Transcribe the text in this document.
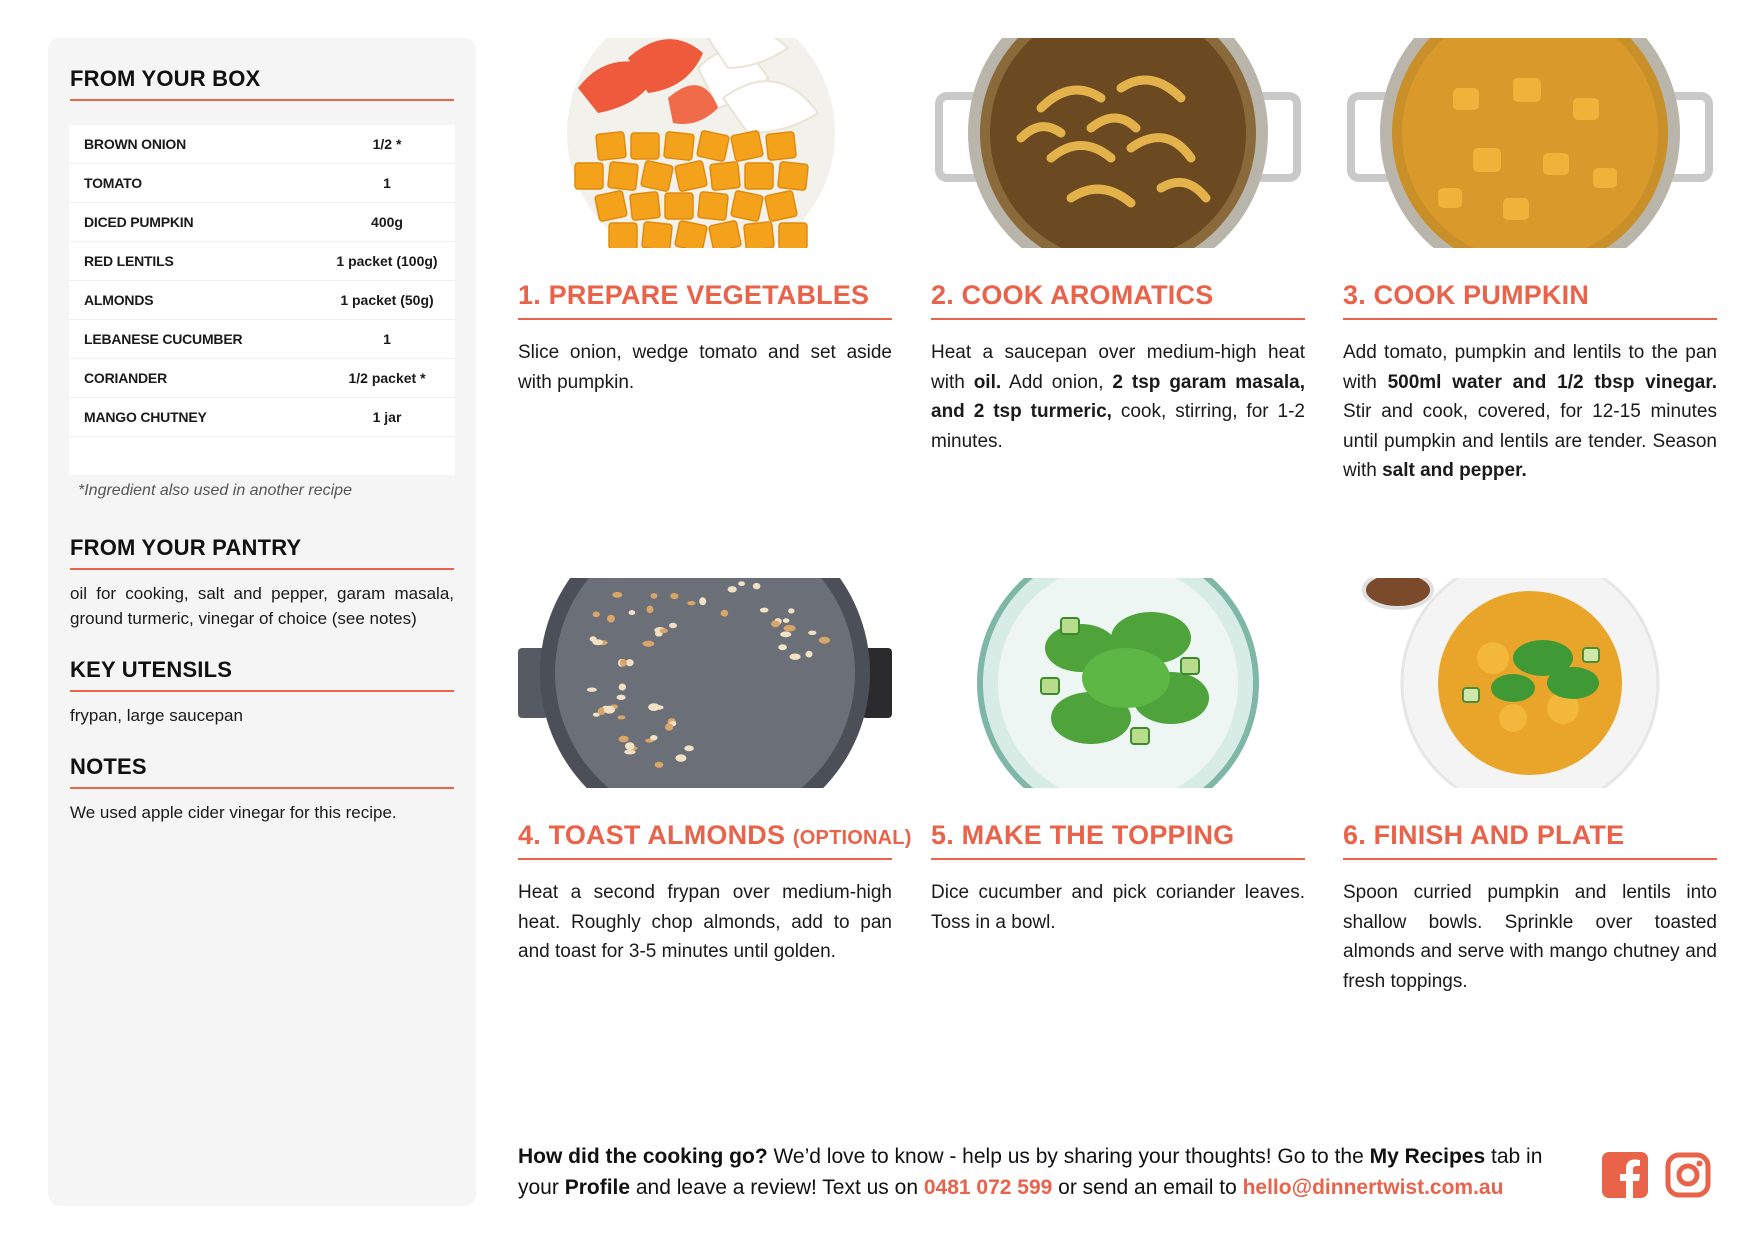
FROM YOUR BOX
BROWN ONION	1/2 *
TOMATO	1
DICED PUMPKIN	400g
RED LENTILS	1 packet (100g)
ALMONDS	1 packet (50g)
LEBANESE CUCUMBER	1
CORIANDER	1/2 packet *
MANGO CHUTNEY	1 jar
*Ingredient also used in another recipe
FROM YOUR PANTRY
oil for cooking, salt and pepper, garam masala, ground turmeric, vinegar of choice (see notes)
KEY UTENSILS
frypan, large saucepan
NOTES
We used apple cider vinegar for this recipe.
1. PREPARE VEGETABLES
Slice onion, wedge tomato and set aside with pumpkin.
2. COOK AROMATICS
Heat a saucepan over medium-high heat with oil. Add onion, 2 tsp garam masala, and 2 tsp turmeric, cook, stirring, for 1-2 minutes.
3. COOK PUMPKIN
Add tomato, pumpkin and lentils to the pan with 500ml water and 1/2 tbsp vinegar. Stir and cook, covered, for 12-15 minutes until pumpkin and lentils are tender. Season with salt and pepper.
4. TOAST ALMONDS (OPTIONAL)
Heat a second frypan over medium-high heat. Roughly chop almonds, add to pan and toast for 3-5 minutes until golden.
5. MAKE THE TOPPING
Dice cucumber and pick coriander leaves. Toss in a bowl.
6. FINISH AND PLATE
Spoon curried pumpkin and lentils into shallow bowls. Sprinkle over toasted almonds and serve with mango chutney and fresh toppings.
How did the cooking go? We’d love to know - help us by sharing your thoughts! Go to the My Recipes tab in your Profile and leave a review! Text us on 0481 072 599 or send an email to hello@dinnertwist.com.au
